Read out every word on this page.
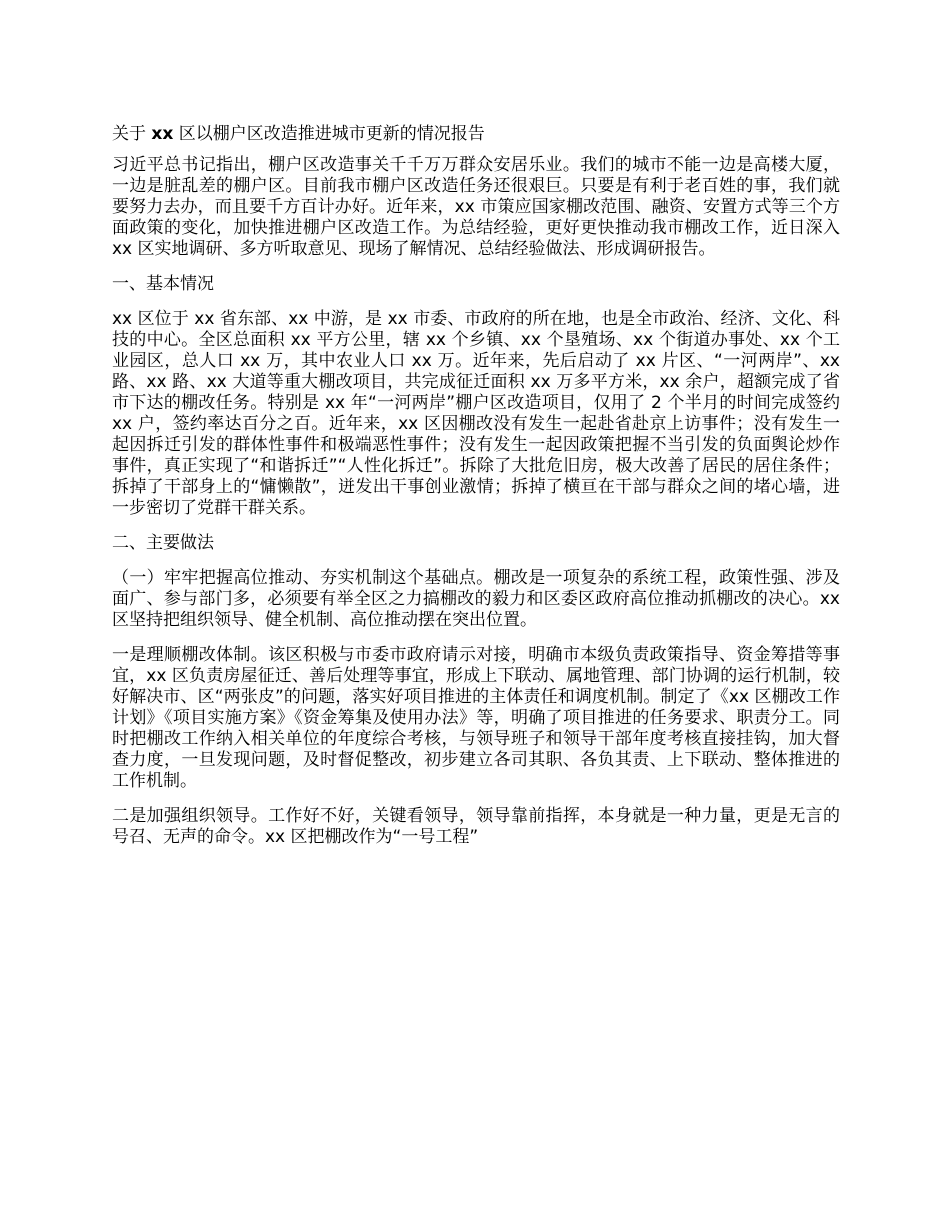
关于 xx 区以棚户区改造推进城市更新的情况报告

习近平总书记指出，棚户区改造事关千千万万群众安居乐业。我们的城市不能一边是高楼大厦，一边是脏乱差的棚户区。目前我市棚户区改造任务还很艰巨。只要是有利于老百姓的事，我们就要努力去办，而且要千方百计办好。近年来，xx 市策应国家棚改范围、融资、安置方式等三个方面政策的变化，加快推进棚户区改造工作。为总结经验，更好更快推动我市棚改工作，近日深入 xx 区实地调研、多方听取意见、现场了解情况、总结经验做法、形成调研报告。

一、基本情况

xx 区位于 xx 省东部、xx 中游，是 xx 市委、市政府的所在地，也是全市政治、经济、文化、科技的中心。全区总面积 xx 平方公里，辖 xx 个乡镇、xx 个垦殖场、xx 个街道办事处、xx 个工业园区，总人口 xx 万，其中农业人口 xx 万。近年来，先后启动了 xx 片区、“一河两岸”、xx 路、xx 路、xx 大道等重大棚改项目，共完成征迁面积 xx 万多平方米，xx 余户，超额完成了省市下达的棚改任务。特别是 xx 年“一河两岸”棚户区改造项目，仅用了 2 个半月的时间完成签约 xx 户，签约率达百分之百。近年来，xx 区因棚改没有发生一起赴省赴京上访事件；没有发生一起因拆迁引发的群体性事件和极端恶性事件；没有发生一起因政策把握不当引发的负面舆论炒作事件，真正实现了“和谐拆迁”“人性化拆迁”。拆除了大批危旧房，极大改善了居民的居住条件；拆掉了干部身上的“慵懒散”，迸发出干事创业激情；拆掉了横亘在干部与群众之间的堵心墙，进一步密切了党群干群关系。

二、主要做法

（一）牢牢把握高位推动、夯实机制这个基础点。棚改是一项复杂的系统工程，政策性强、涉及面广、参与部门多，必须要有举全区之力搞棚改的毅力和区委区政府高位推动抓棚改的决心。xx 区坚持把组织领导、健全机制、高位推动摆在突出位置。

一是理顺棚改体制。该区积极与市委市政府请示对接，明确市本级负责政策指导、资金筹措等事宜，xx 区负责房屋征迁、善后处理等事宜，形成上下联动、属地管理、部门协调的运行机制，较好解决市、区“两张皮”的问题，落实好项目推进的主体责任和调度机制。制定了《xx 区棚改工作计划》《项目实施方案》《资金筹集及使用办法》等，明确了项目推进的任务要求、职责分工。同时把棚改工作纳入相关单位的年度综合考核，与领导班子和领导干部年度考核直接挂钩，加大督查力度，一旦发现问题，及时督促整改，初步建立各司其职、各负其责、上下联动、整体推进的工作机制。

二是加强组织领导。工作好不好，关键看领导，领导靠前指挥，本身就是一种力量，更是无言的号召、无声的命令。xx 区把棚改作为“一号工程”
